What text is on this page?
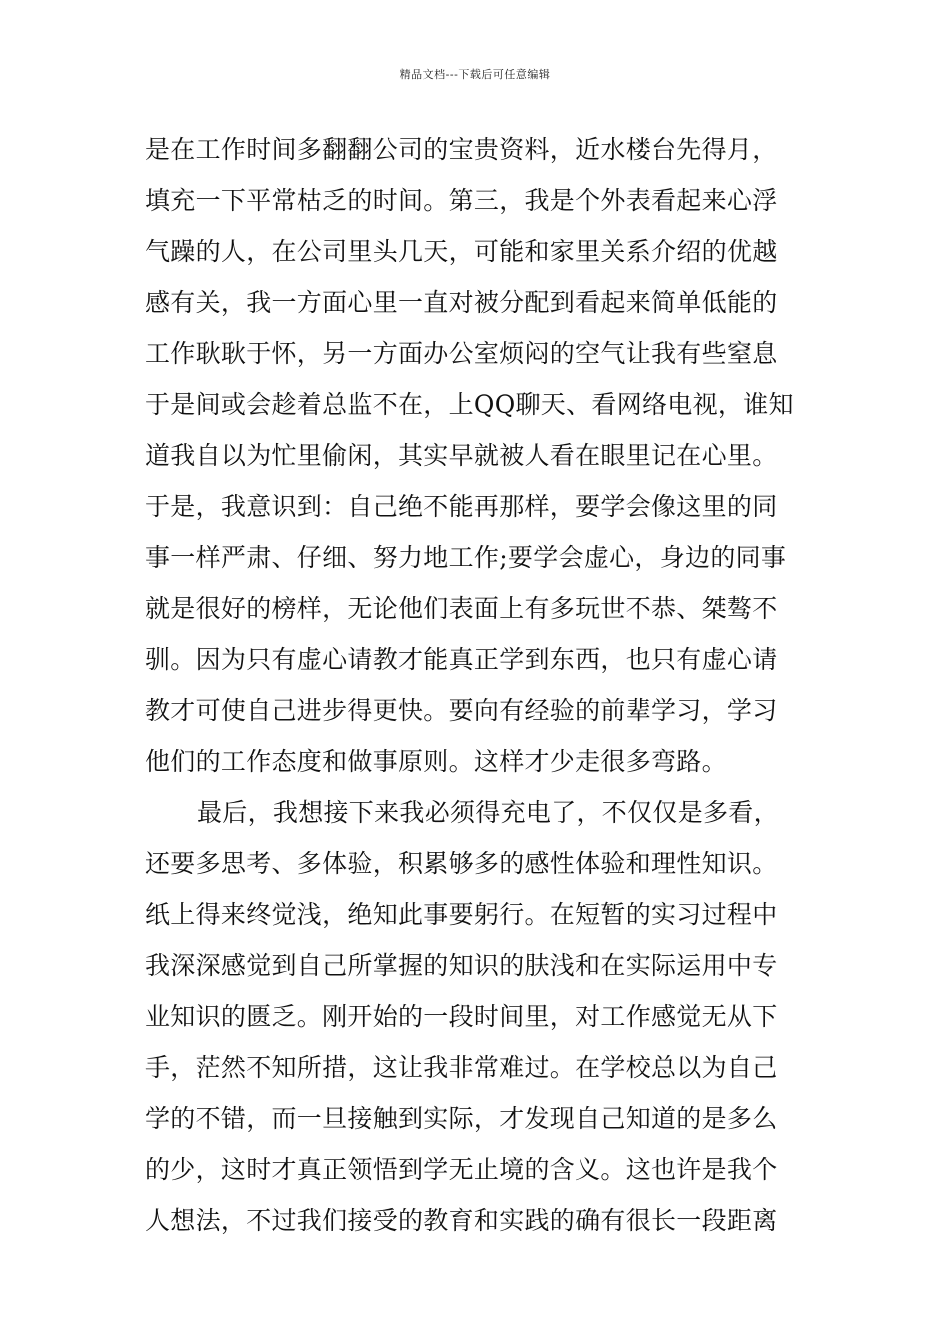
精品文档---下载后可任意编辑
是在工作时间多翻翻公司的宝贵资料，近水楼台先得月，
填充一下平常枯乏的时间。第三，我是个外表看起来心浮
气躁的人，在公司里头几天，可能和家里关系介绍的优越
感有关，我一方面心里一直对被分配到看起来简单低能的
工作耿耿于怀，另一方面办公室烦闷的空气让我有些窒息
于是间或会趁着总监不在，上QQ聊天、看网络电视，谁知
道我自以为忙里偷闲，其实早就被人看在眼里记在心里。
于是，我意识到：自己绝不能再那样，要学会像这里的同
事一样严肃、仔细、努力地工作;要学会虚心，身边的同事
就是很好的榜样，无论他们表面上有多玩世不恭、桀骜不
驯。因为只有虚心请教才能真正学到东西，也只有虚心请
教才可使自己进步得更快。要向有经验的前辈学习，学习
他们的工作态度和做事原则。这样才少走很多弯路。
最后，我想接下来我必须得充电了，不仅仅是多看，
还要多思考、多体验，积累够多的感性体验和理性知识。
纸上得来终觉浅，绝知此事要躬行。在短暂的实习过程中
我深深感觉到自己所掌握的知识的肤浅和在实际运用中专
业知识的匮乏。刚开始的一段时间里，对工作感觉无从下
手，茫然不知所措，这让我非常难过。在学校总以为自己
学的不错，而一旦接触到实际，才发现自己知道的是多么
的少，这时才真正领悟到学无止境的含义。这也许是我个
人想法，不过我们接受的教育和实践的确有很长一段距离
